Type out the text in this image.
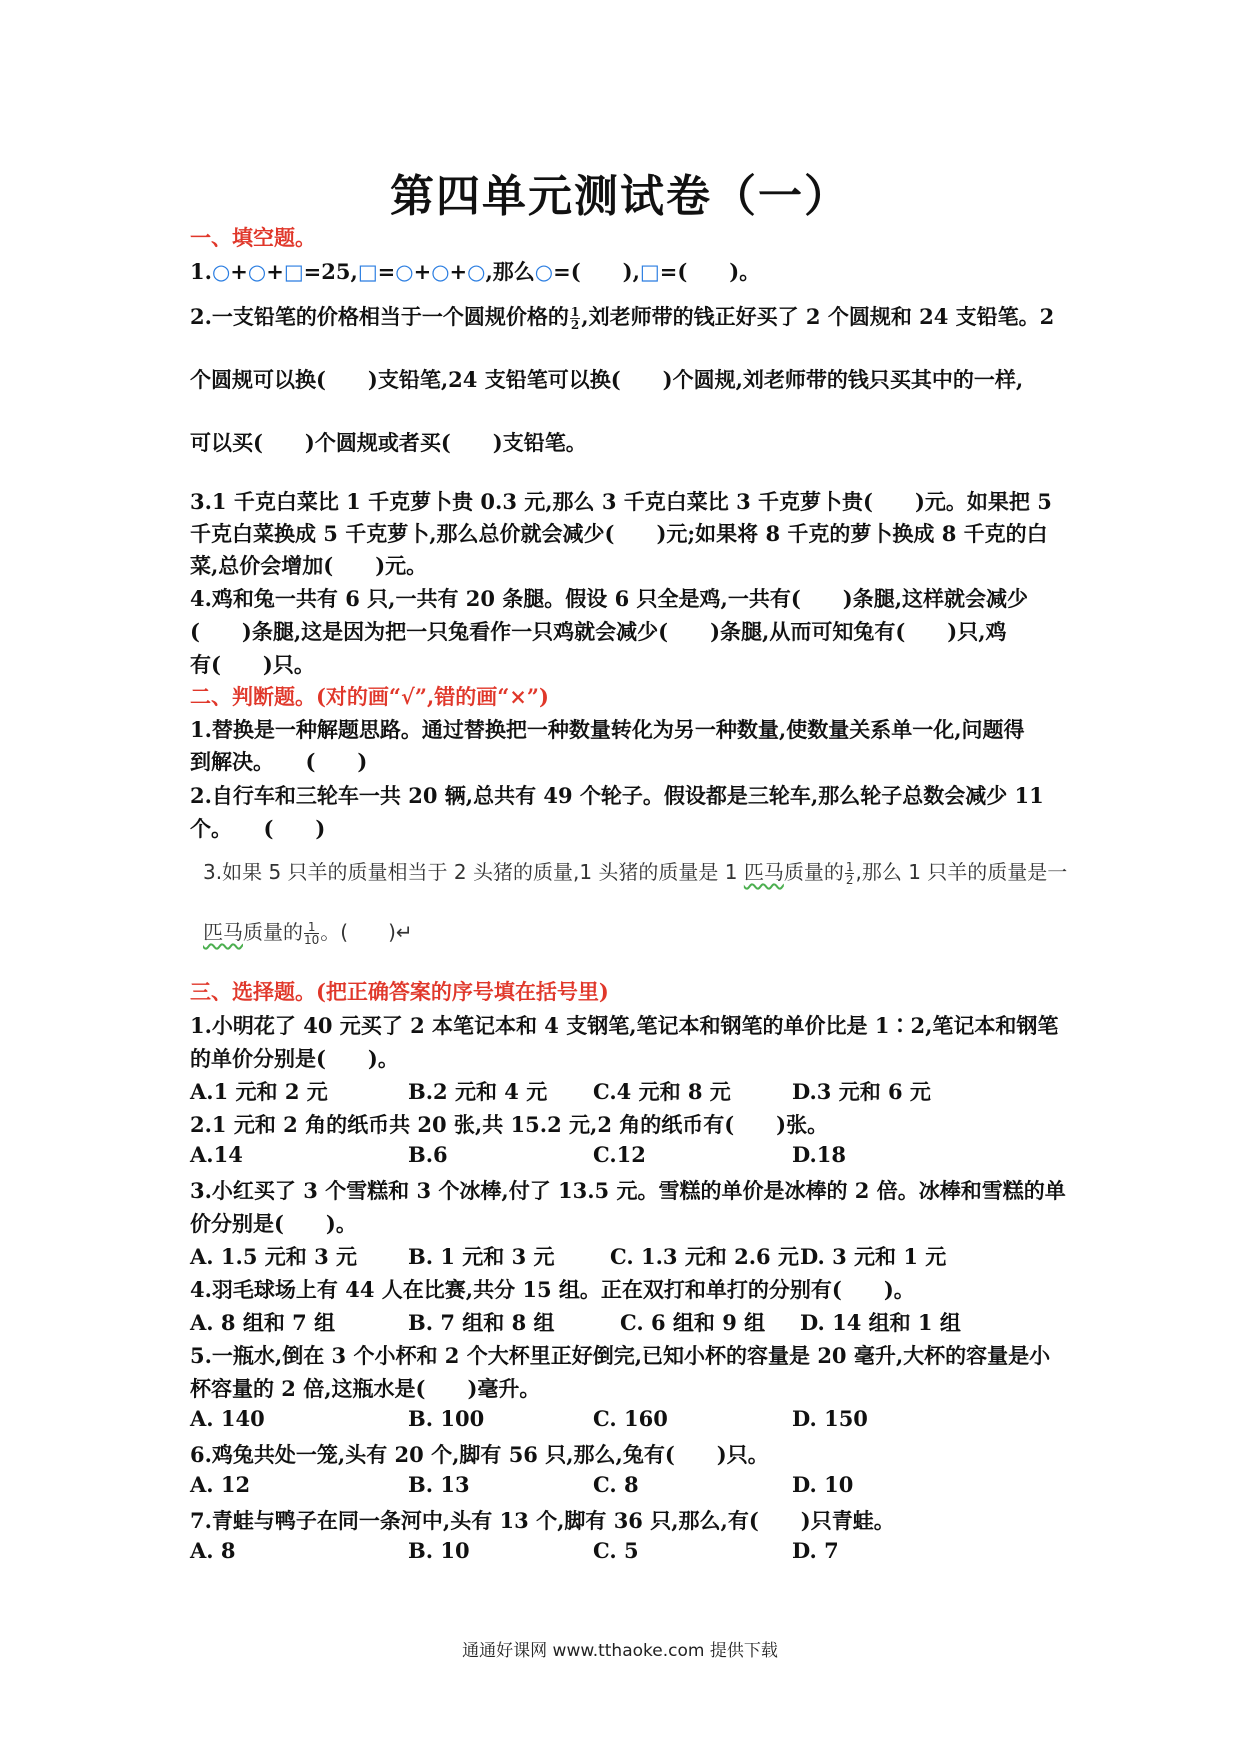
第四单元测试卷（一）
一、填空题。
1.○+○+□=25,□=○+○+○,那么○=(　　),□=(　　)。
2.一支铅笔的价格相当于一个圆规价格的 $\frac{1}{2}$ ,刘老师带的钱正好买了 2 个圆规和 24 支铅笔。2
个圆规可以换(　　)支铅笔,24 支铅笔可以换(　　)个圆规,刘老师带的钱只买其中的一样,
可以买(　　)个圆规或者买(　　)支铅笔。
3.1 千克白菜比 1 千克萝卜贵 0.3 元,那么 3 千克白菜比 3 千克萝卜贵(　　)元。如果把 5
千克白菜换成 5 千克萝卜,那么总价就会减少(　　)元;如果将 8 千克的萝卜换成 8 千克的白
菜,总价会增加(　　)元。
4.鸡和兔一共有 6 只,一共有 20 条腿。假设 6 只全是鸡,一共有(　　)条腿,这样就会减少
(　　)条腿,这是因为把一只兔看作一只鸡就会减少(　　)条腿,从而可知兔有(　　)只,鸡
有(　　)只。
二、判断题。(对的画“√”,错的画“×”)
1.替换是一种解题思路。通过替换把一种数量转化为另一种数量,使数量关系单一化,问题得
到解决。　　(　　)
2.自行车和三轮车一共 20 辆,总共有 49 个轮子。假设都是三轮车,那么轮子总数会减少 11
个。　　(　　)
3.如果 5 只羊的质量相当于 2 头猪的质量,1 头猪的质量是 1 匹马质量的 $\frac{1}{2}$ ,那么 1 只羊的质量是一
匹马质量的 $\frac{1}{10}$ 。(　　)↵
三、选择题。(把正确答案的序号填在括号里)
1.小明花了 40 元买了 2 本笔记本和 4 支钢笔,笔记本和钢笔的单价比是 1∶2,笔记本和钢笔
的单价分别是(　　)。
A.1 元和 2 元	B.2 元和 4 元 C.4 元和 8 元	D.3 元和 6 元
2.1 元和 2 角的纸币共 20 张,共 15.2 元,2 角的纸币有(　　)张。
A.14	B.6	C.12	D.18
3.小红买了 3 个雪糕和 3 个冰棒,付了 13.5 元。雪糕的单价是冰棒的 2 倍。冰棒和雪糕的单
价分别是(　　)。
A. 1.5 元和 3 元 B. 1 元和 3 元	C. 1.3 元和 2.6 元 D. 3 元和 1 元
4.羽毛球场上有 44 人在比赛,共分 15 组。正在双打和单打的分别有(　　)。
A. 8 组和 7 组	B. 7 组和 8 组	C. 6 组和 9 组 D. 14 组和 1 组
5.一瓶水,倒在 3 个小杯和 2 个大杯里正好倒完,已知小杯的容量是 20 毫升,大杯的容量是小
杯容量的 2 倍,这瓶水是(　　)毫升。
A. 140	B. 100	C. 160	D. 150
6.鸡兔共处一笼,头有 20 个,脚有 56 只,那么,兔有(　　)只。
A. 12	B. 13	C. 8	D. 10
7.青蛙与鸭子在同一条河中,头有 13 个,脚有 36 只,那么,有(　　)只青蛙。
A. 8	B. 10	C. 5	D. 7
通通好课网 www.tthaoke.com 提供下载
